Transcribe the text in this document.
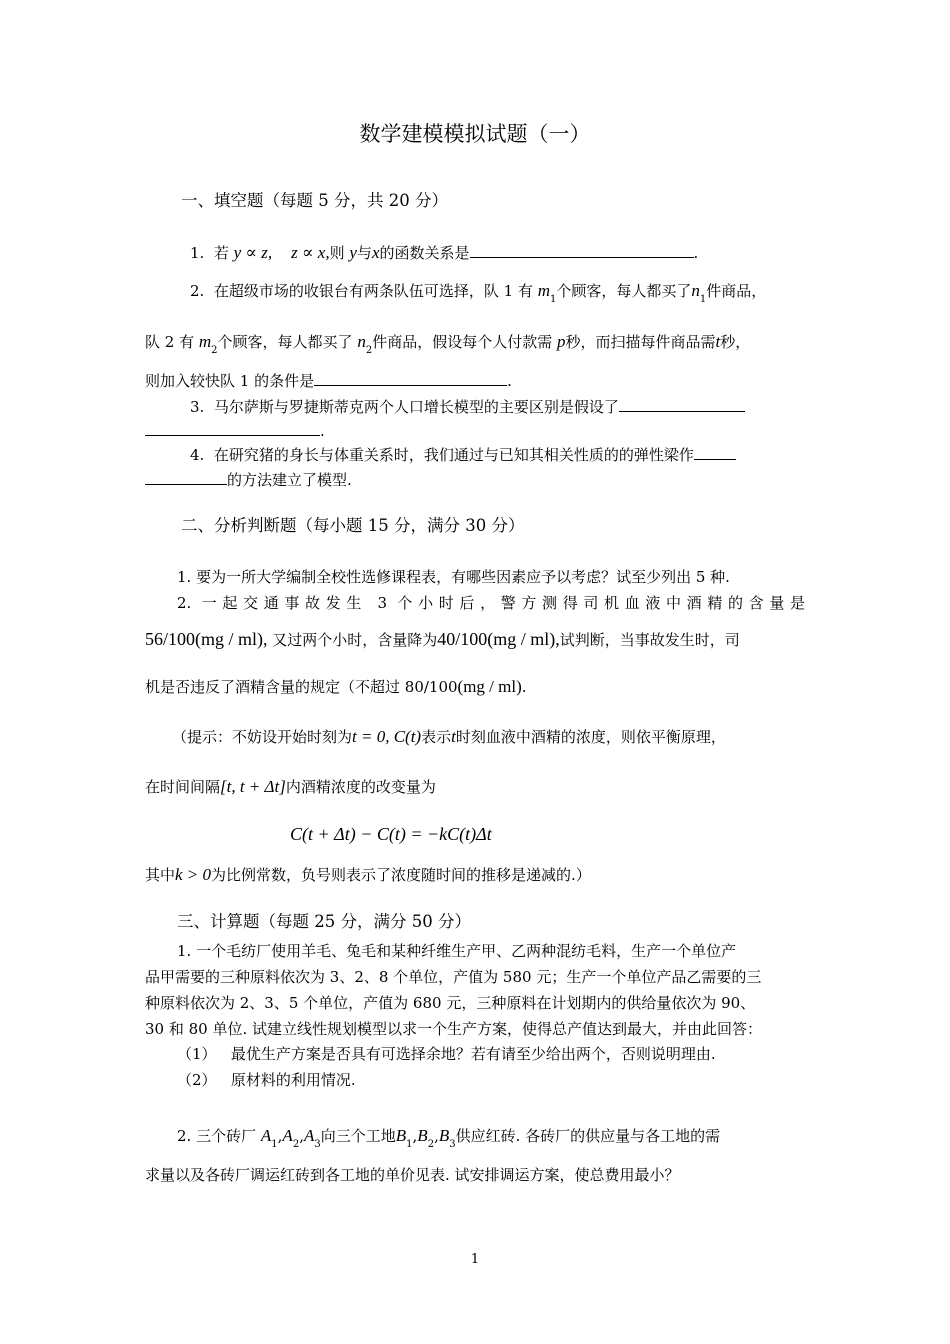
数学建模模拟试题（一）
一、填空题（每题 5 分，共 20 分）
1. 若 y ∝ z, z ∝ x,则 y与x的函数关系是	.
2. 在超级市场的收银台有两条队伍可选择，队 1 有 $m_1$个顾客，每人都买了$n_1$件商品，
队 2 有 $m_2$个顾客，每人都买了 $n_2$件商品，假设每个人付款需 p秒，而扫描每件商品需t秒，
则加入较快队 1 的条件是	.
3. 马尔萨斯与罗捷斯蒂克两个人口增长模型的主要区别是假设了
.
4. 在研究猪的身长与体重关系时，我们通过与已知其相关性质的的弹性梁作
的方法建立了模型.
二、分析判断题（每小题 15 分，满分 30 分）
1. 要为一所大学编制全校性选修课程表，有哪些因素应予以考虑？试至少列出 5 种.
2. 一起交通事故发生 3 个小时后，警方测得司机血液中酒精的含量是
56/100(mg / ml), 又过两个小时，含量降为40/100(mg / ml),试判断，当事故发生时，司
机是否违反了酒精含量的规定（不超过 80/100(mg / ml).
（提示：不妨设开始时刻为t = 0, C(t)表示t时刻血液中酒精的浓度，则依平衡原理，
在时间间隔[t, t + Δt]内酒精浓度的改变量为
C(t + Δt) − C(t) = −kC(t)Δt
其中k > 0为比例常数，负号则表示了浓度随时间的推移是递减的.）
三、计算题（每题 25 分，满分 50 分）
1. 一个毛纺厂使用羊毛、兔毛和某种纤维生产甲、乙两种混纺毛料，生产一个单位产
品甲需要的三种原料依次为 3、2、8 个单位，产值为 580 元；生产一个单位产品乙需要的三
种原料依次为 2、3、5 个单位，产值为 680 元，三种原料在计划期内的供给量依次为 90、
30 和 80 单位. 试建立线性规划模型以求一个生产方案，使得总产值达到最大，并由此回答：
（1） 最优生产方案是否具有可选择余地？若有请至少给出两个，否则说明理由.
（2） 原材料的利用情况.
2. 三个砖厂 $A_1,A_2,A_3$向三个工地$B_1,B_2,B_3$供应红砖. 各砖厂的供应量与各工地的需
求量以及各砖厂调运红砖到各工地的单价见表. 试安排调运方案，使总费用最小？
1
